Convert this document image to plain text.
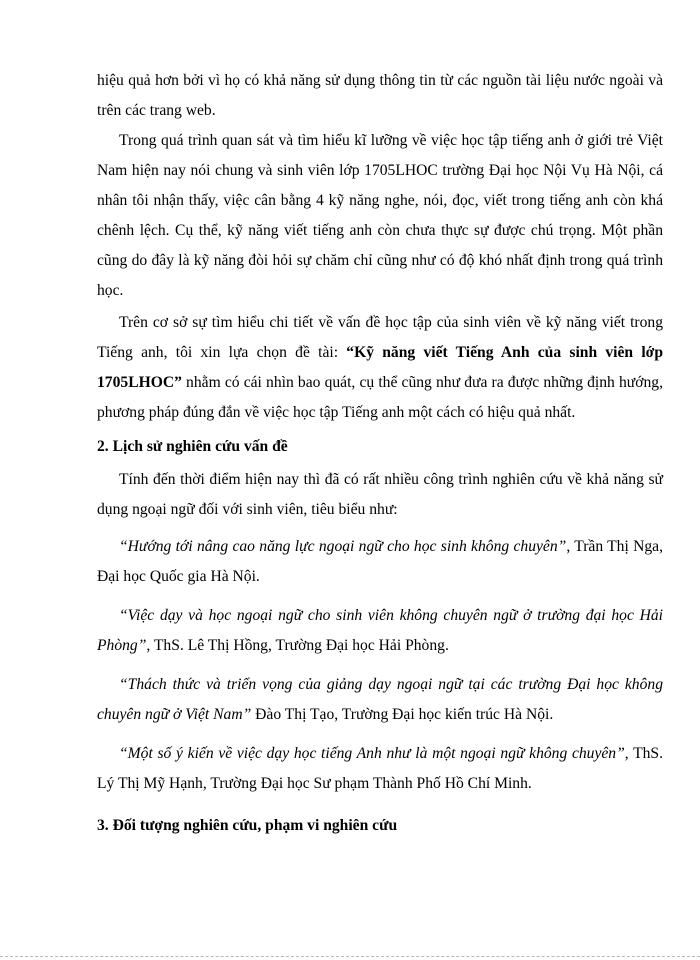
hiệu quả hơn bởi vì họ có khả năng sử dụng thông tin từ các nguồn tài liệu nước ngoài và trên các trang web.

Trong quá trình quan sát và tìm hiểu kĩ lưỡng về việc học tập tiếng anh ở giới trẻ Việt Nam hiện nay nói chung và sinh viên lớp 1705LHOC trường Đại học Nội Vụ Hà Nội, cá nhân tôi nhận thấy, việc cân bằng 4 kỹ năng nghe, nói, đọc, viết trong tiếng anh còn khá chênh lệch. Cụ thể, kỹ năng viết tiếng anh còn chưa thực sự được chú trọng. Một phần cũng do đây là kỹ năng đòi hỏi sự chăm chỉ cũng như có độ khó nhất định trong quá trình học.

Trên cơ sở sự tìm hiểu chi tiết về vấn đề học tập của sinh viên về kỹ năng viết trong Tiếng anh, tôi xin lựa chọn đề tài: “Kỹ năng viết Tiếng Anh của sinh viên lớp 1705LHOC” nhằm có cái nhìn bao quát, cụ thể cũng như đưa ra được những định hướng, phương pháp đúng đắn về việc học tập Tiếng anh một cách có hiệu quả nhất.

2. Lịch sử nghiên cứu vấn đề

Tính đến thời điểm hiện nay thì đã có rất nhiều công trình nghiên cứu về khả năng sử dụng ngoại ngữ đối với sinh viên, tiêu biểu như:

“Hướng tới nâng cao năng lực ngoại ngữ cho học sinh không chuyên”, Trần Thị Nga, Đại học Quốc gia Hà Nội.

“Việc dạy và học ngoại ngữ cho sinh viên không chuyên ngữ ở trường đại học Hải Phòng”, ThS. Lê Thị Hồng, Trường Đại học Hải Phòng.

“Thách thức và triển vọng của giảng dạy ngoại ngữ tại các trường Đại học không chuyên ngữ ở Việt Nam” Đào Thị Tạo, Trường Đại học kiến trúc Hà Nội.

“Một số ý kiến về việc dạy học tiếng Anh như là một ngoại ngữ không chuyên”, ThS. Lý Thị Mỹ Hạnh, Trường Đại học Sư phạm Thành Phố Hồ Chí Minh.

3. Đối tượng nghiên cứu, phạm vi nghiên cứu
